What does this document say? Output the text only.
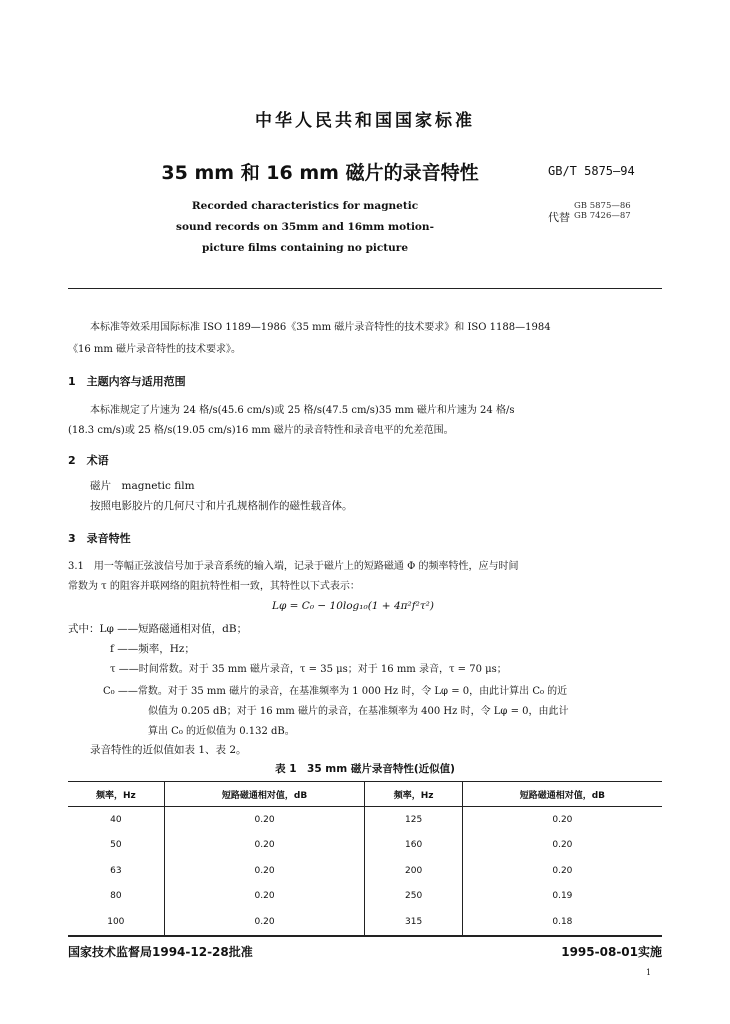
中华人民共和国国家标准
35 mm 和 16 mm 磁片的录音特性	GB/T 5875—94
Recorded characteristics for magnetic
sound records on 35mm and 16mm motion-
picture films containing no picture
代替
GB 5875—86
GB 7426—87
本标准等效采用国际标准 ISO 1189—1986《35 mm 磁片录音特性的技术要求》和 ISO 1188—1984
《16 mm 磁片录音特性的技术要求》。
1　主题内容与适用范围
本标准规定了片速为 24 格/s(45.6 cm/s)或 25 格/s(47.5 cm/s)35 mm 磁片和片速为 24 格/s
(18.3 cm/s)或 25 格/s(19.05 cm/s)16 mm 磁片的录音特性和录音电平的允差范围。
2　术语
磁片　magnetic film
按照电影胶片的几何尺寸和片孔规格制作的磁性载音体。
3　录音特性
3.1　用一等幅正弦波信号加于录音系统的输入端，记录于磁片上的短路磁通 Φ 的频率特性，应与时间
常数为 τ 的阻容并联网络的阻抗特性相一致，其特性以下式表示：
Lφ = C₀ − 10log₁₀(1 + 4π²f²τ²)
式中：Lφ ——短路磁通相对值，dB；
f ——频率，Hz；
τ ——时间常数。对于 35 mm 磁片录音，τ = 35 μs；对于 16 mm 录音，τ = 70 μs；
C₀ ——常数。对于 35 mm 磁片的录音，在基准频率为 1 000 Hz 时，令 Lφ = 0，由此计算出 C₀ 的近
似值为 0.205 dB；对于 16 mm 磁片的录音，在基准频率为 400 Hz 时，令 Lφ = 0，由此计
算出 C₀ 的近似值为 0.132 dB。
录音特性的近似值如表 1、表 2。
表 1　35 mm 磁片录音特性(近似值)
频率，Hz	短路磁通相对值，dB	频率，Hz	短路磁通相对值，dB
40	0.20	125	0.20
50	0.20	160	0.20
63	0.20	200	0.20
80	0.20	250	0.19
100	0.20	315	0.18
国家技术监督局1994-12-28批准	1995-08-01实施
1
